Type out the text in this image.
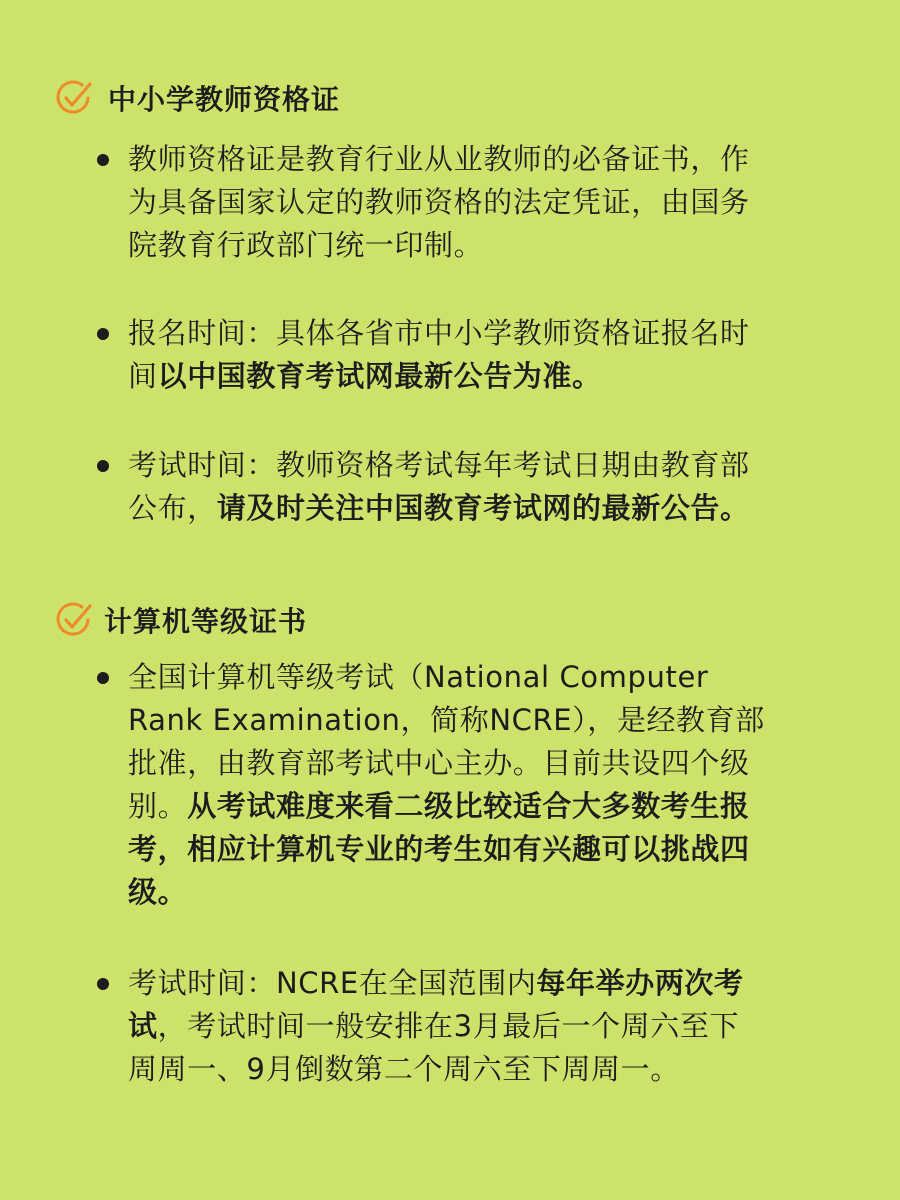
中小学教师资格证
教师资格证是教育行业从业教师的必备证书，作
为具备国家认定的教师资格的法定凭证，由国务
院教育行政部门统一印制。
报名时间：具体各省市中小学教师资格证报名时
间以中国教育考试网最新公告为准。
考试时间：教师资格考试每年考试日期由教育部
公布，请及时关注中国教育考试网的最新公告。
计算机等级证书
全国计算机等级考试（National Computer
Rank Examination，简称NCRE），是经教育部
批准，由教育部考试中心主办。目前共设四个级
别。从考试难度来看二级比较适合大多数考生报
考，相应计算机专业的考生如有兴趣可以挑战四
级。
考试时间：NCRE在全国范围内每年举办两次考
试，考试时间一般安排在3月最后一个周六至下
周周一、9月倒数第二个周六至下周周一。
